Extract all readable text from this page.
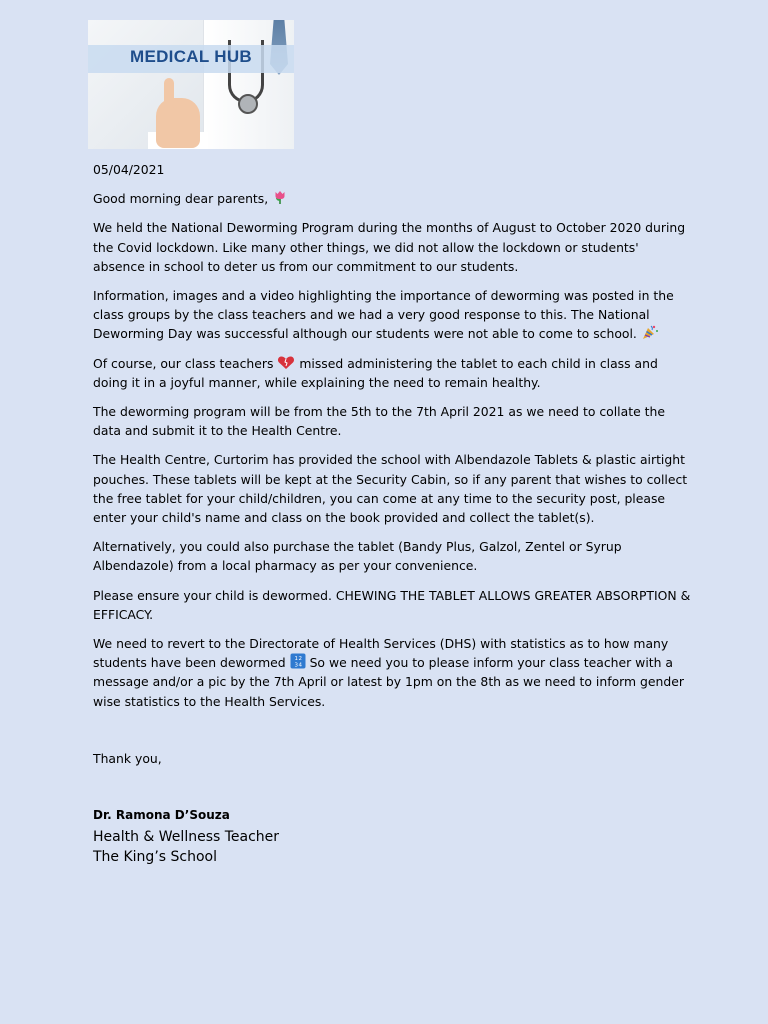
MEDICAL HUB

05/04/2021

Good morning dear parents,

We held the National Deworming Program during the months of August to October 2020 during the Covid lockdown. Like many other things, we did not allow the lockdown or students' absence in school to deter us from our commitment to our students.

Information, images and a video highlighting the importance of deworming was posted in the class groups by the class teachers and we had a very good response to this. The National Deworming Day was successful although our students were not able to come to school.

Of course, our class teachers missed administering the tablet to each child in class and doing it in a joyful manner, while explaining the need to remain healthy.

The deworming program will be from the 5th to the 7th April 2021 as we need to collate the data and submit it to the Health Centre.

The Health Centre, Curtorim has provided the school with Albendazole Tablets & plastic airtight pouches. These tablets will be kept at the Security Cabin, so if any parent that wishes to collect the free tablet for your child/children, you can come at any time to the security post, please enter your child's name and class on the book provided and collect the tablet(s).

Alternatively, you could also purchase the tablet (Bandy Plus, Galzol, Zentel or Syrup Albendazole) from a local pharmacy as per your convenience.

Please ensure your child is dewormed. CHEWING THE TABLET ALLOWS GREATER ABSORPTION & EFFICACY.

We need to revert to the Directorate of Health Services (DHS) with statistics as to how many students have been dewormed 1 2
3 4 So we need you to please inform your class teacher with a message and/or a pic by the 7th April or latest by 1pm on the 8th as we need to inform gender wise statistics to the Health Services.

Thank you,

Dr. Ramona D’Souza
Health & Wellness Teacher
The King’s School
